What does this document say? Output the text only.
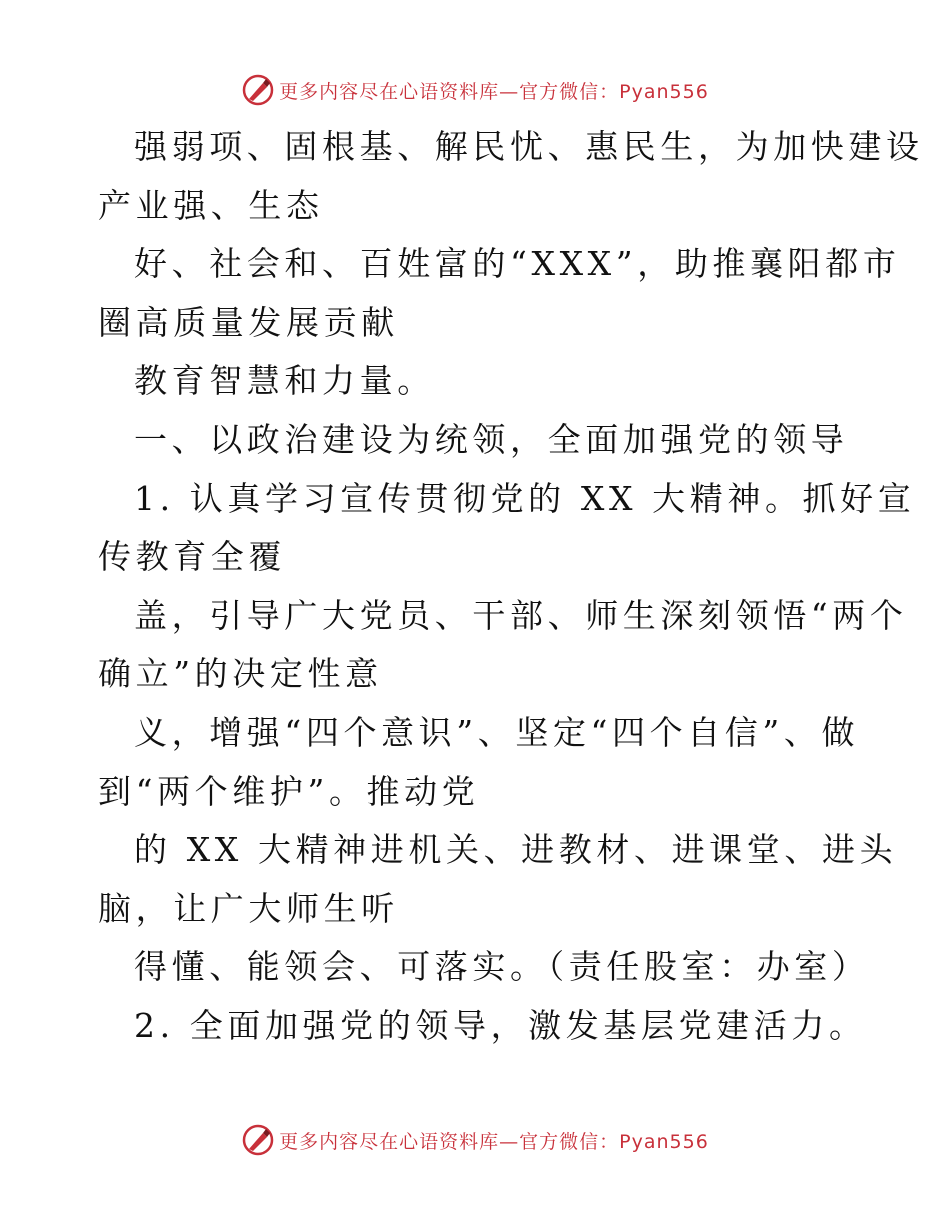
更多内容尽在心语资料库—官方微信：Pyan556
强弱项、固根基、解民忧、惠民生，为加快建设
产业强、生态
好、社会和、百姓富的“XXX”，助推襄阳都市
圈高质量发展贡献
教育智慧和力量。
一、以政治建设为统领，全面加强党的领导
1. 认真学习宣传贯彻党的 XX 大精神。抓好宣
传教育全覆
盖，引导广大党员、干部、师生深刻领悟“两个
确立”的决定性意
义，增强“四个意识”、坚定“四个自信”、做
到“两个维护”。推动党
的 XX 大精神进机关、进教材、进课堂、进头
脑，让广大师生听
得懂、能领会、可落实。（责任股室：办室）
2. 全面加强党的领导，激发基层党建活力。
更多内容尽在心语资料库—官方微信：Pyan556
